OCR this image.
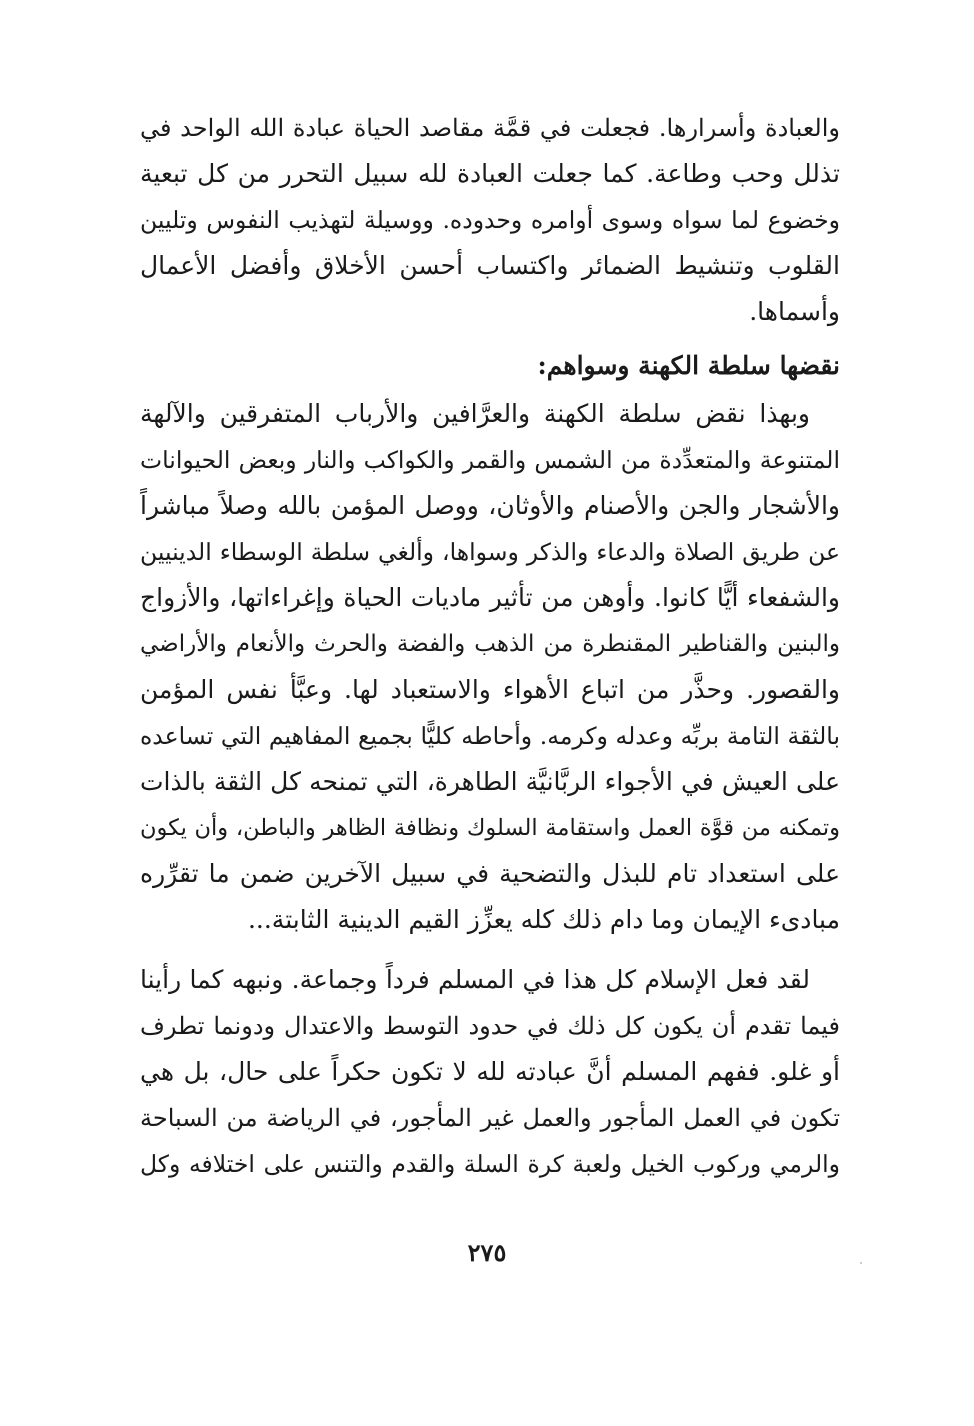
والعبادة وأسرارها. فجعلت في قمَّة مقاصد الحياة عبادة الله الواحد في
تذلل وحب وطاعة. كما جعلت العبادة لله سبيل التحرر من كل تبعية
وخضوع لما سواه وسوى أوامره وحدوده. ووسيلة لتهذيب النفوس وتليين
القلوب وتنشيط الضمائر واكتساب أحسن الأخلاق وأفضل الأعمال
وأسماها.

نقضها سلطة الكهنة وسواهم:

وبهذا نقض سلطة الكهنة والعرَّافين والأرباب المتفرقين والآلهة
المتنوعة والمتعدِّدة من الشمس والقمر والكواكب والنار وبعض الحيوانات
والأشجار والجن والأصنام والأوثان، ووصل المؤمن بالله وصلاً مباشراً
عن طريق الصلاة والدعاء والذكر وسواها، وألغي سلطة الوسطاء الدينيين
والشفعاء أيًّا كانوا. وأوهن من تأثير ماديات الحياة وإغراءاتها، والأزواج
والبنين والقناطير المقنطرة من الذهب والفضة والحرث والأنعام والأراضي
والقصور. وحذَّر من اتباع الأهواء والاستعباد لها. وعبَّأ نفس المؤمن
بالثقة التامة بربِّه وعدله وكرمه. وأحاطه كليًّا بجميع المفاهيم التي تساعده
على العيش في الأجواء الربَّانيَّة الطاهرة، التي تمنحه كل الثقة بالذات
وتمكنه من قوَّة العمل واستقامة السلوك ونظافة الظاهر والباطن، وأن يكون
على استعداد تام للبذل والتضحية في سبيل الآخرين ضمن ما تقرِّره
مبادىء الإيمان وما دام ذلك كله يعزِّز القيم الدينية الثابتة...

لقد فعل الإسلام كل هذا في المسلم فرداً وجماعة. ونبهه كما رأينا
فيما تقدم أن يكون كل ذلك في حدود التوسط والاعتدال ودونما تطرف
أو غلو. ففهم المسلم أنَّ عبادته لله لا تكون حكراً على حال، بل هي
تكون في العمل المأجور والعمل غير المأجور، في الرياضة من السباحة
والرمي وركوب الخيل ولعبة كرة السلة والقدم والتنس على اختلافه وكل

٢٧٥
